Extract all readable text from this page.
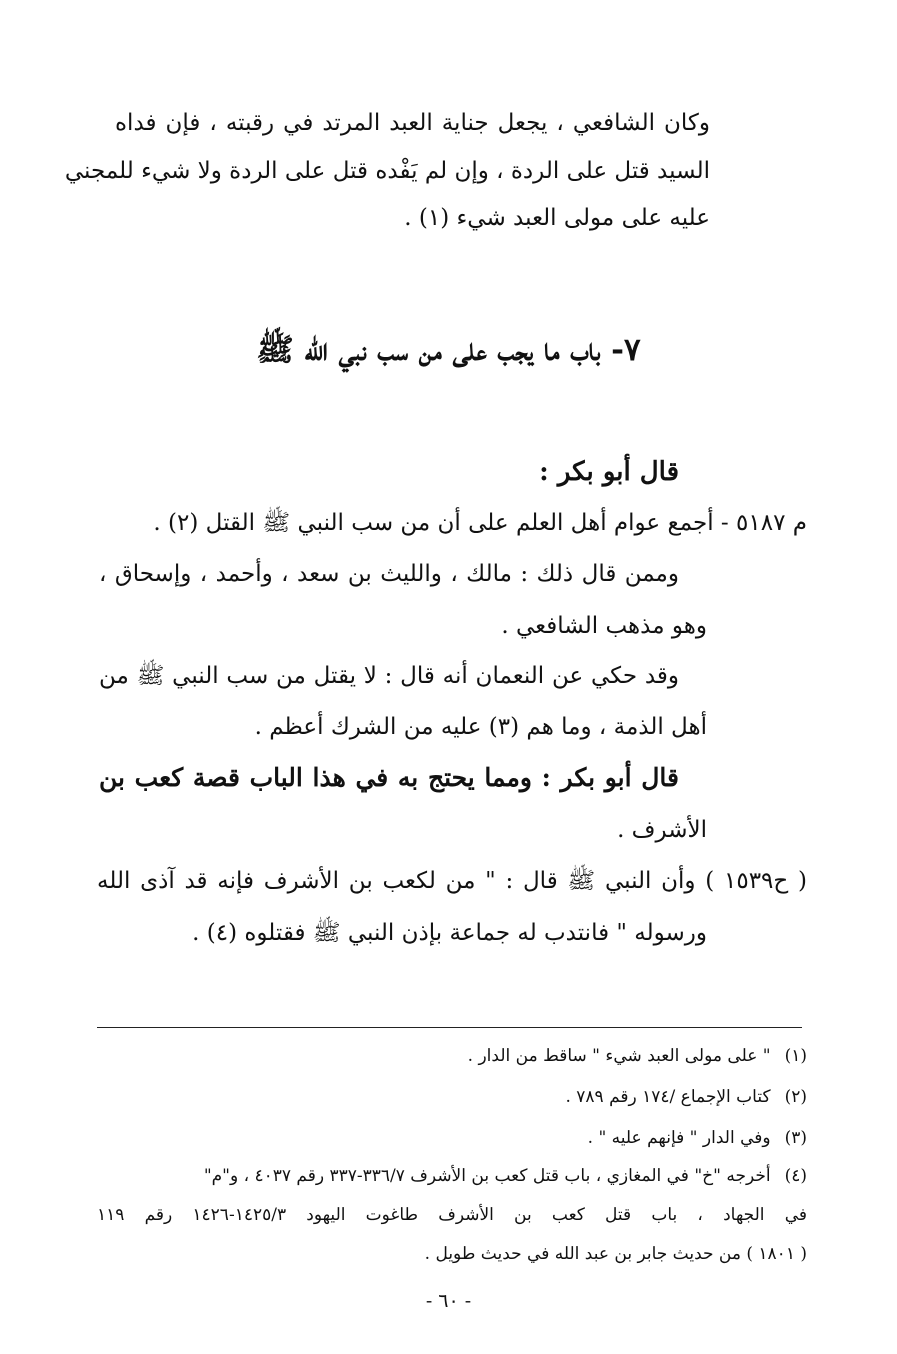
وكان الشافعي ، يجعل جناية العبد المرتد في رقبته ، فإن فداه
السيد قتل على الردة ، وإن لم يَفْده قتل على الردة ولا شيء للمجني
عليه على مولى العبد شيء (١) .
٧- باب ما يجب على من سب نبي الله ﷺ
قال أبو بكر :
م ٥١٨٧ - أجمع عوام أهل العلم على أن من سب النبي ﷺ القتل (٢) .
وممن قال ذلك : مالك ، والليث بن سعد ، وأحمد ، وإسحاق ،
وهو مذهب الشافعي .
وقد حكي عن النعمان أنه قال : لا يقتل من سب النبي ﷺ من
أهل الذمة ، وما هم (٣) عليه من الشرك أعظم .
قال أبو بكر : ومما يحتج به في هذا الباب قصة كعب بن
الأشرف .
( ح١٥٣٩ ) وأن النبي ﷺ قال : " من لكعب بن الأشرف فإنه قد آذى الله
ورسوله " فانتدب له جماعة بإذن النبي ﷺ فقتلوه (٤) .
(١)" على مولى العبد شيء " ساقط من الدار .
(٢)كتاب الإجماع /١٧٤ رقم ٧٨٩ .
(٣)وفي الدار " فإنهم عليه " .
(٤)أخرجه "خ" في المغازي ، باب قتل كعب بن الأشرف ٣٣٦/٧-٣٣٧ رقم ٤٠٣٧ ، و"م"
في الجهاد ، باب قتل كعب بن الأشرف طاغوت اليهود ١٤٢٥/٣-١٤٢٦ رقم ١١٩
( ١٨٠١ ) من حديث جابر بن عبد الله في حديث طويل .
- ٦٠ -
